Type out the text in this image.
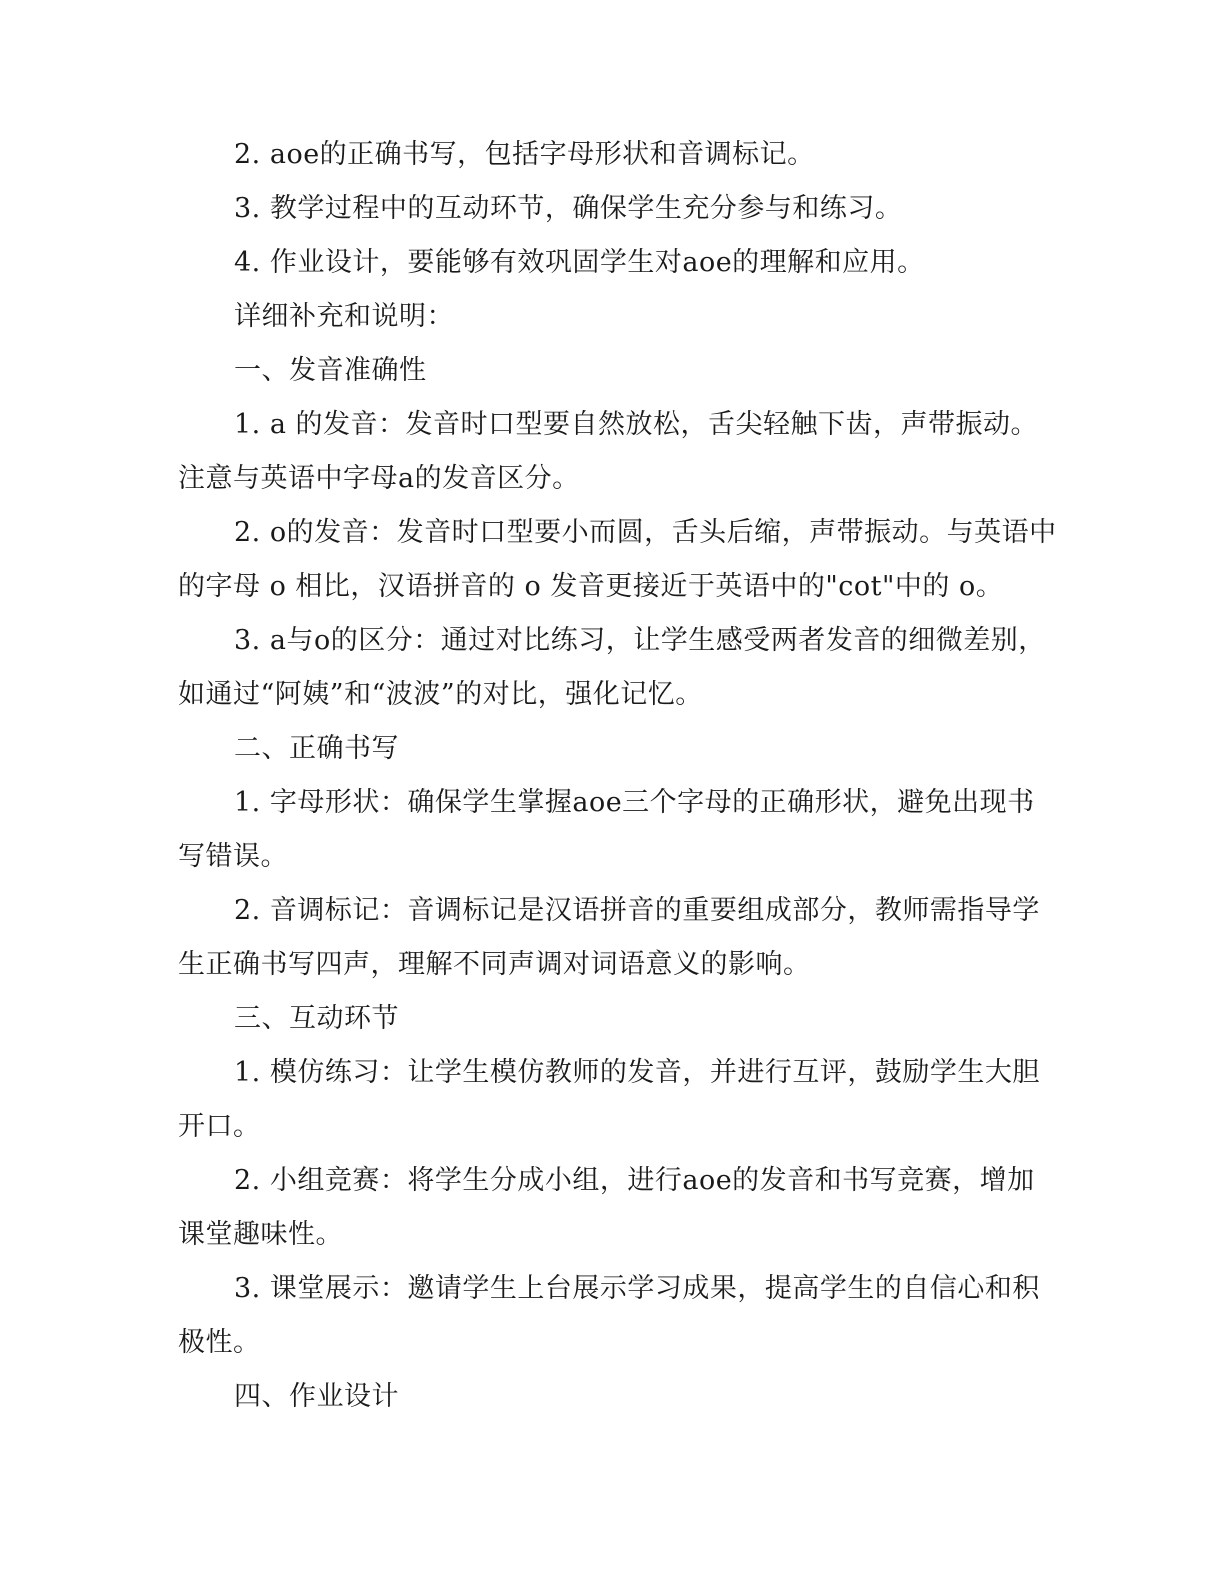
2. aoe的正确书写，包括字母形状和音调标记。

3. 教学过程中的互动环节，确保学生充分参与和练习。

4. 作业设计，要能够有效巩固学生对aoe的理解和应用。

详细补充和说明：

一、发音准确性

1. a 的发音：发音时口型要自然放松，舌尖轻触下齿，声带振动。注意与英语中字母a的发音区分。

2. o的发音：发音时口型要小而圆，舌头后缩，声带振动。与英语中的字母 o 相比，汉语拼音的 o 发音更接近于英语中的"cot"中的 o。

3. a与o的区分：通过对比练习，让学生感受两者发音的细微差别，如通过“阿姨”和“波波”的对比，强化记忆。

二、正确书写

1. 字母形状：确保学生掌握aoe三个字母的正确形状，避免出现书写错误。

2. 音调标记：音调标记是汉语拼音的重要组成部分，教师需指导学生正确书写四声，理解不同声调对词语意义的影响。

三、互动环节

1. 模仿练习：让学生模仿教师的发音，并进行互评，鼓励学生大胆开口。

2. 小组竞赛：将学生分成小组，进行aoe的发音和书写竞赛，增加课堂趣味性。

3. 课堂展示：邀请学生上台展示学习成果，提高学生的自信心和积极性。

四、作业设计
